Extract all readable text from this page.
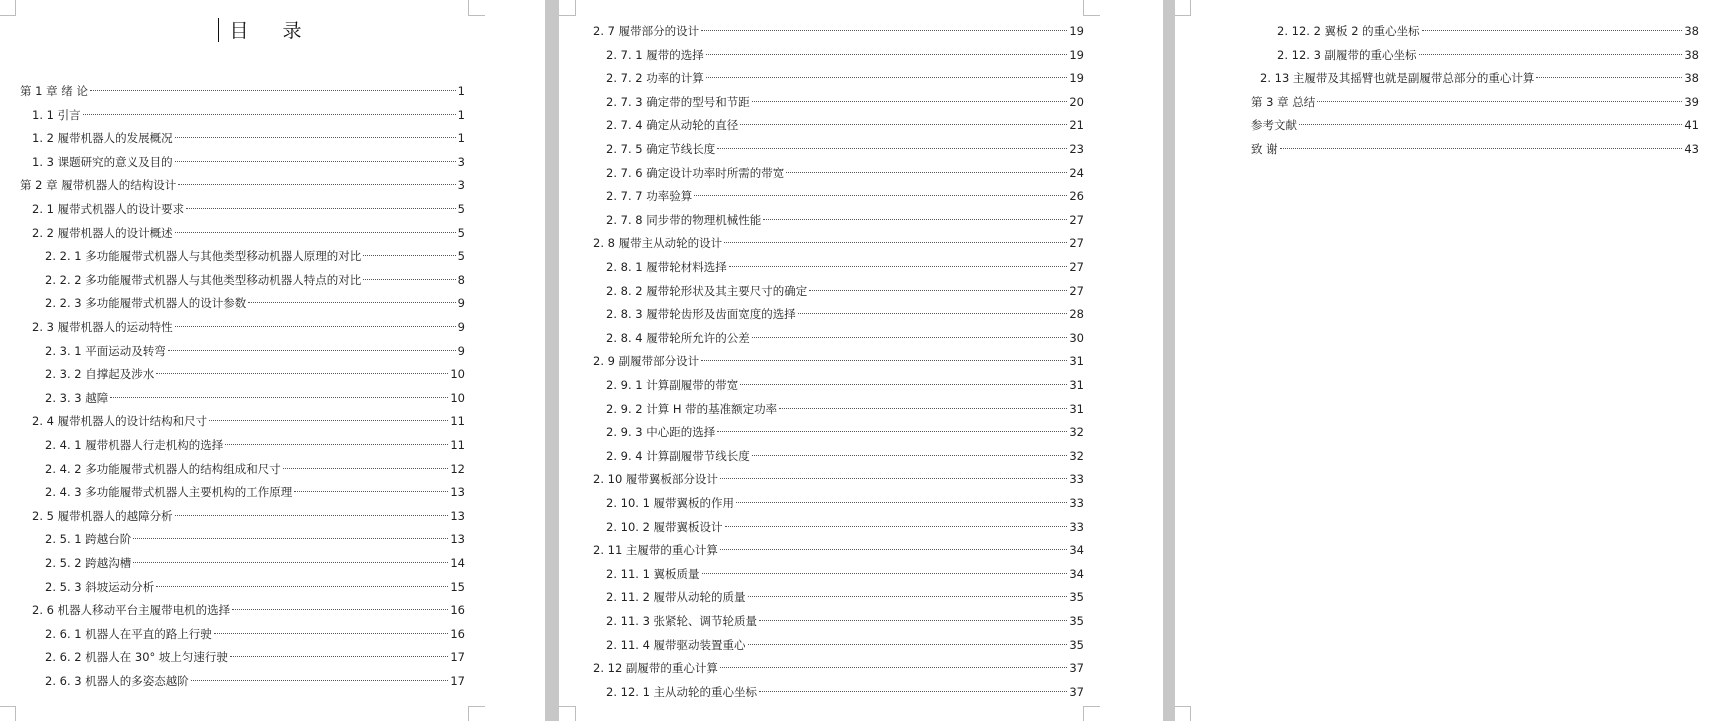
目 录
第 1 章 绪 论	1
1. 1 引言	1
1. 2 履带机器人的发展概况	1
1. 3 课题研究的意义及目的	3
第 2 章 履带机器人的结构设计	3
2. 1 履带式机器人的设计要求	5
2. 2 履带机器人的设计概述	5
2. 2. 1 多功能履带式机器人与其他类型移动机器人原理的对比	5
2. 2. 2 多功能履带式机器人与其他类型移动机器人特点的对比	8
2. 2. 3 多功能履带式机器人的设计参数	9
2. 3 履带机器人的运动特性	9
2. 3. 1 平面运动及转弯	9
2. 3. 2 自撑起及涉水	10
2. 3. 3 越障	10
2. 4 履带机器人的设计结构和尺寸	11
2. 4. 1 履带机器人行走机构的选择	11
2. 4. 2 多功能履带式机器人的结构组成和尺寸	12
2. 4. 3 多功能履带式机器人主要机构的工作原理	13
2. 5 履带机器人的越障分析	13
2. 5. 1 跨越台阶	13
2. 5. 2 跨越沟槽	14
2. 5. 3 斜坡运动分析	15
2. 6 机器人移动平台主履带电机的选择	16
2. 6. 1 机器人在平直的路上行驶	16
2. 6. 2 机器人在 30° 坡上匀速行驶	17
2. 6. 3 机器人的多姿态越阶	17
2. 7 履带部分的设计	19
2. 7. 1 履带的选择	19
2. 7. 2 功率的计算	19
2. 7. 3 确定带的型号和节距	20
2. 7. 4 确定从动轮的直径	21
2. 7. 5 确定节线长度	23
2. 7. 6 确定设计功率时所需的带宽	24
2. 7. 7 功率验算	26
2. 7. 8 同步带的物理机械性能	27
2. 8 履带主从动轮的设计	27
2. 8. 1 履带轮材料选择	27
2. 8. 2 履带轮形状及其主要尺寸的确定	27
2. 8. 3 履带轮齿形及齿面宽度的选择	28
2. 8. 4 履带轮所允许的公差	30
2. 9 副履带部分设计	31
2. 9. 1 计算副履带的带宽	31
2. 9. 2 计算 H 带的基准额定功率	31
2. 9. 3 中心距的选择	32
2. 9. 4 计算副履带节线长度	32
2. 10 履带翼板部分设计	33
2. 10. 1 履带翼板的作用	33
2. 10. 2 履带翼板设计	33
2. 11 主履带的重心计算	34
2. 11. 1 翼板质量	34
2. 11. 2 履带从动轮的质量	35
2. 11. 3 张紧轮、调节轮质量	35
2. 11. 4 履带驱动装置重心	35
2. 12 副履带的重心计算	37
2. 12. 1 主从动轮的重心坐标	37
2. 12. 2 翼板 2 的重心坐标	38
2. 12. 3 副履带的重心坐标	38
2. 13 主履带及其摇臂也就是副履带总部分的重心计算	38
第 3 章 总结	39
参考文献	41
致 谢	43
